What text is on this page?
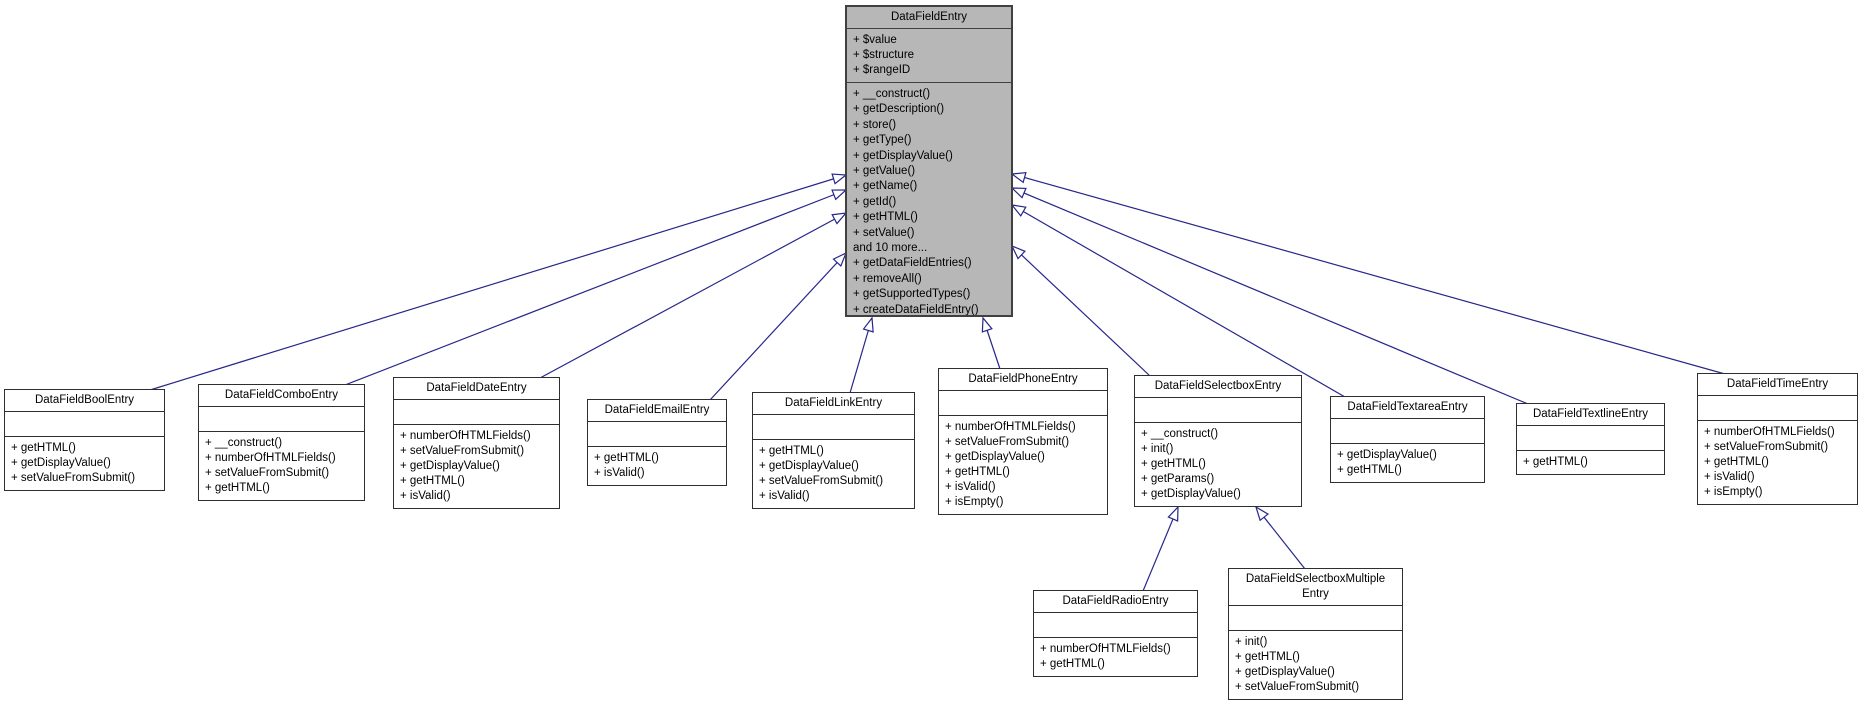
DataFieldEntry
+ $value
+ $structure
+ $rangeID
+ __construct()
+ getDescription()
+ store()
+ getType()
+ getDisplayValue()
+ getValue()
+ getName()
+ getId()
+ getHTML()
+ setValue()
and 10 more...
+ getDataFieldEntries()
+ removeAll()
+ getSupportedTypes()
+ createDataFieldEntry()
DataFieldBoolEntry
+ getHTML()
+ getDisplayValue()
+ setValueFromSubmit()
DataFieldComboEntry
+ __construct()
+ numberOfHTMLFields()
+ setValueFromSubmit()
+ getHTML()
DataFieldDateEntry
+ numberOfHTMLFields()
+ setValueFromSubmit()
+ getDisplayValue()
+ getHTML()
+ isValid()
DataFieldEmailEntry
+ getHTML()
+ isValid()
DataFieldLinkEntry
+ getHTML()
+ getDisplayValue()
+ setValueFromSubmit()
+ isValid()
DataFieldPhoneEntry
+ numberOfHTMLFields()
+ setValueFromSubmit()
+ getDisplayValue()
+ getHTML()
+ isValid()
+ isEmpty()
DataFieldSelectboxEntry
+ __construct()
+ init()
+ getHTML()
+ getParams()
+ getDisplayValue()
DataFieldTextareaEntry
+ getDisplayValue()
+ getHTML()
DataFieldTextlineEntry
+ getHTML()
DataFieldTimeEntry
+ numberOfHTMLFields()
+ setValueFromSubmit()
+ getHTML()
+ isValid()
+ isEmpty()
DataFieldRadioEntry
+ numberOfHTMLFields()
+ getHTML()
DataFieldSelectboxMultiple
Entry
+ init()
+ getHTML()
+ getDisplayValue()
+ setValueFromSubmit()
